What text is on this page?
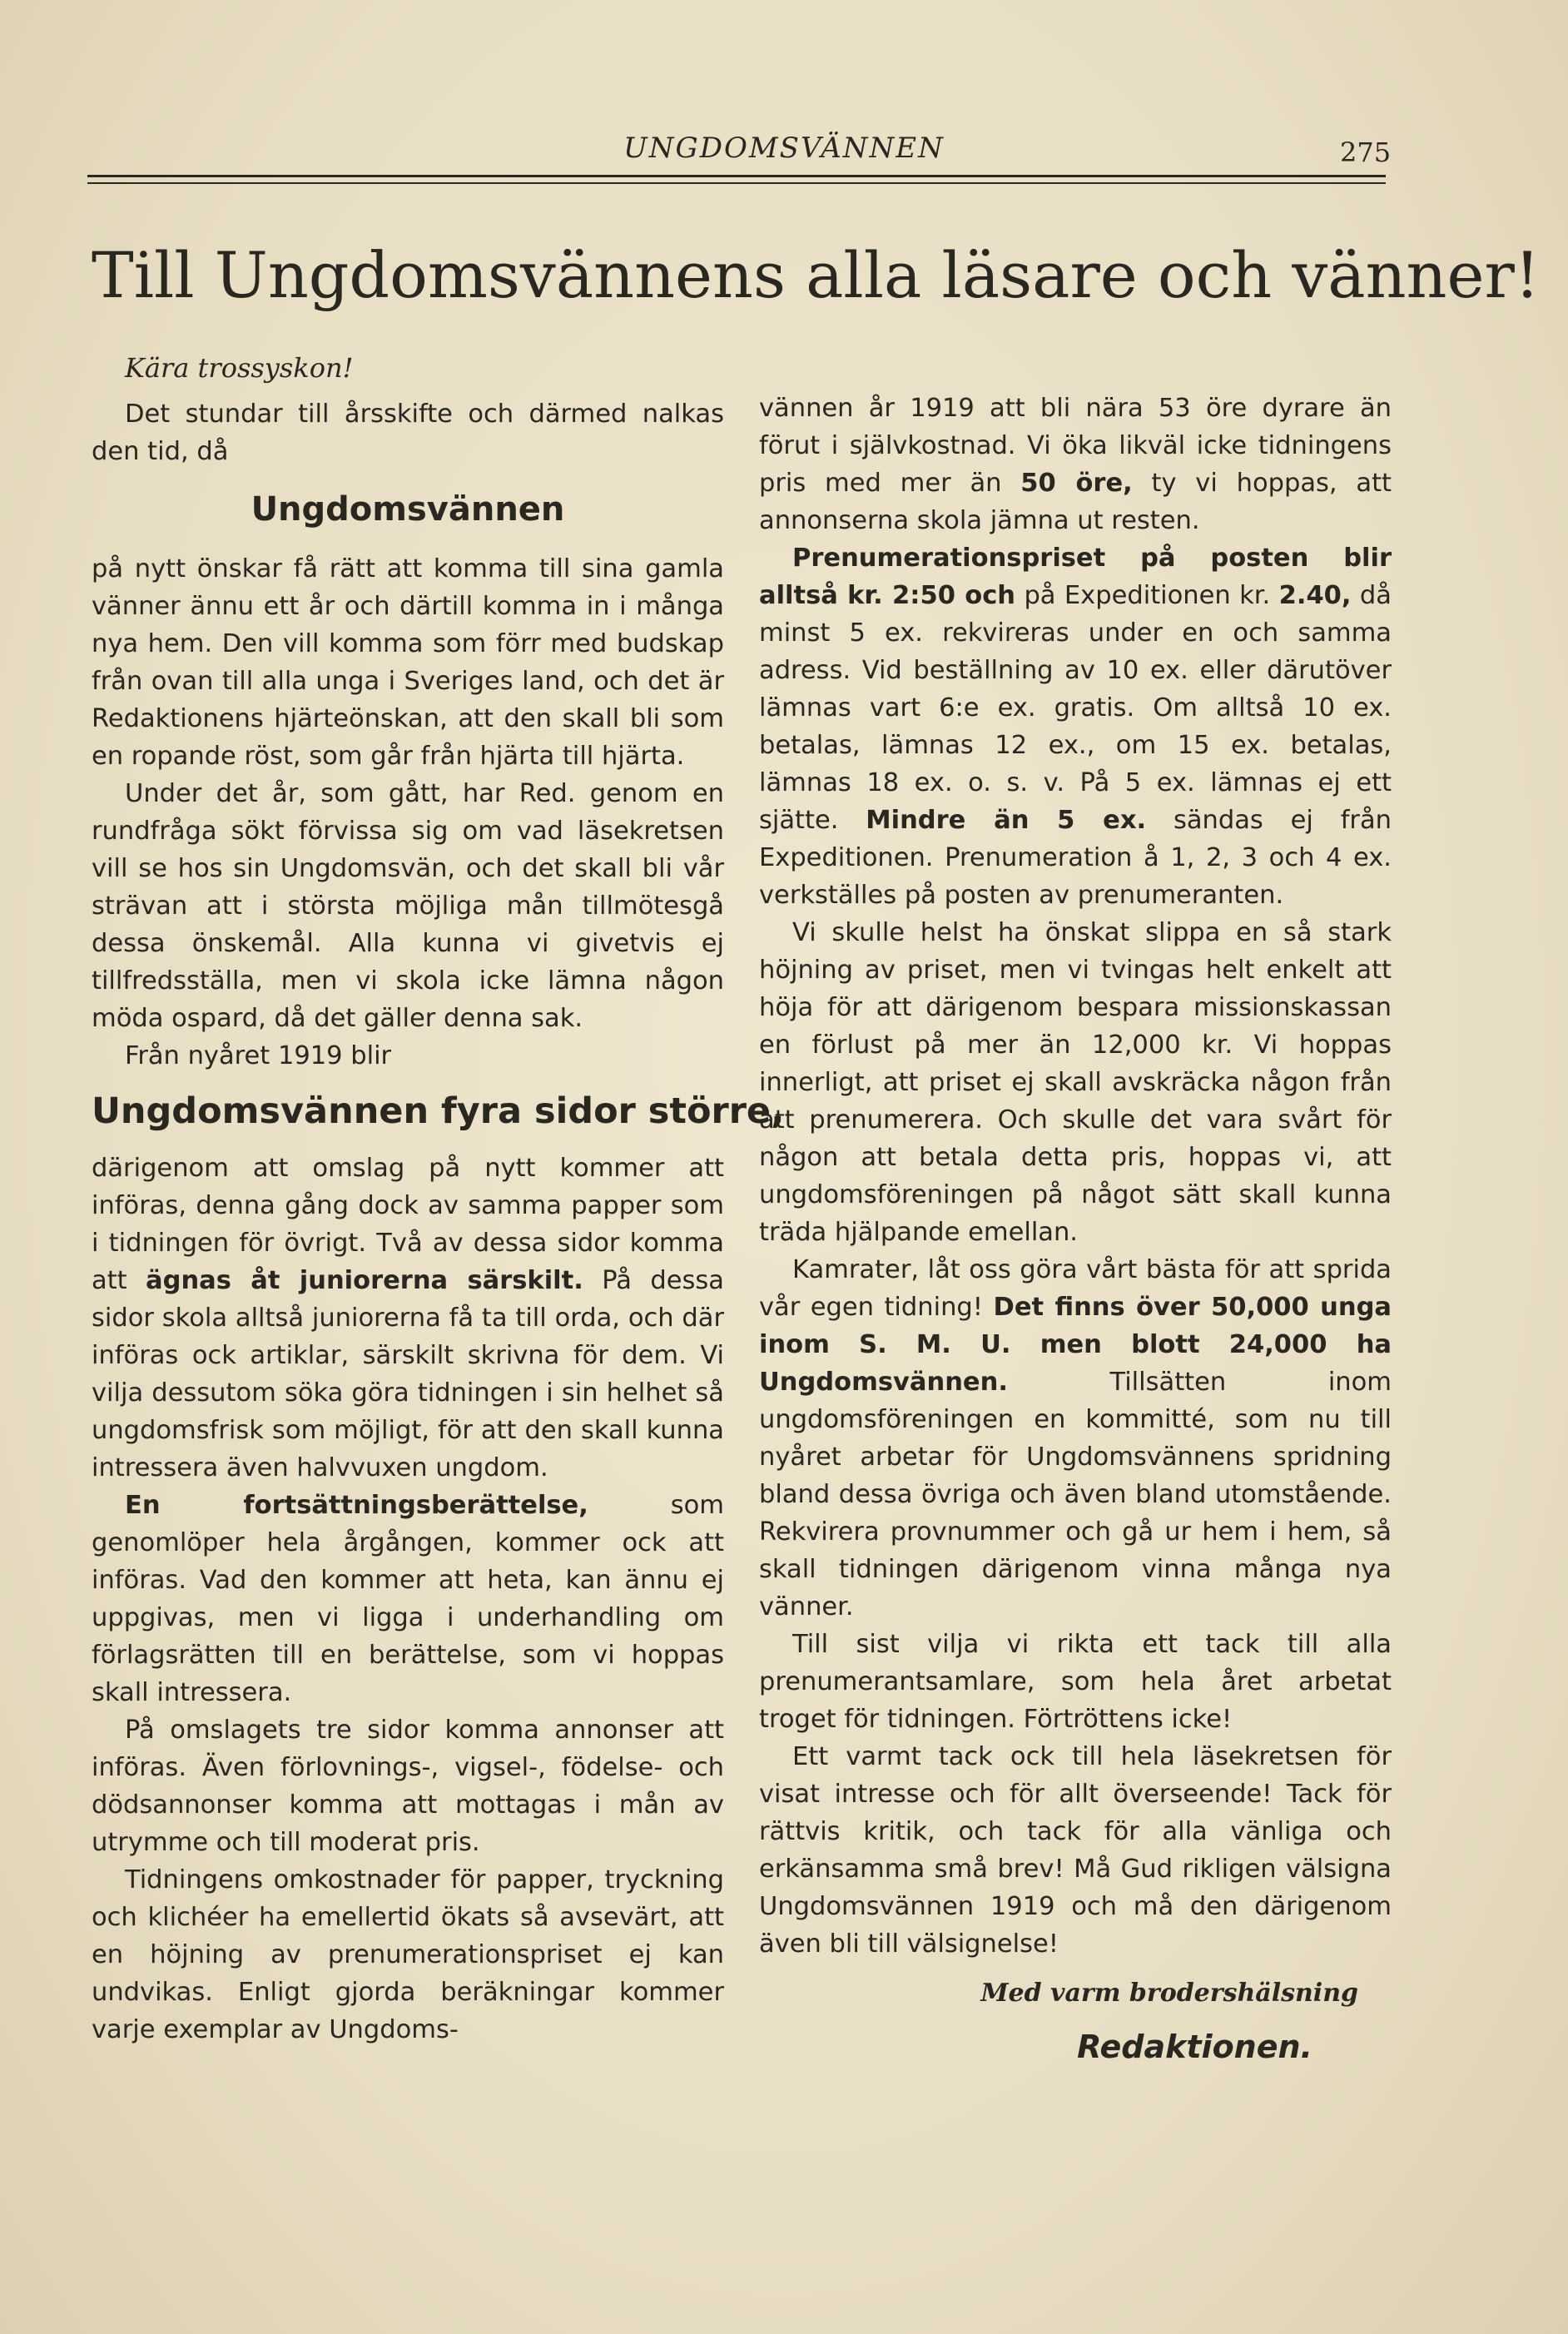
UNGDOMSVÄNNEN	275
Till Ungdomsvännens alla läsare och vänner!
Kära trossyskon!

Det stundar till årsskifte och därmed nalkas den tid, då

Ungdomsvännen

på nytt önskar få rätt att komma till sina gamla vänner ännu ett år och därtill komma in i många nya hem. Den vill komma som förr med budskap från ovan till alla unga i Sveriges land, och det är Redaktionens hjärteönskan, att den skall bli som en ropande röst, som går från hjärta till hjärta.

Under det år, som gått, har Red. genom en rundfråga sökt förvissa sig om vad läsekretsen vill se hos sin Ungdomsvän, och det skall bli vår strävan att i största möjliga mån tillmötesgå dessa önskemål. Alla kunna vi givetvis ej tillfredsställa, men vi skola icke lämna någon möda ospard, då det gäller denna sak.

Från nyåret 1919 blir

Ungdomsvännen fyra sidor större,

därigenom att omslag på nytt kommer att införas, denna gång dock av samma papper som i tidningen för övrigt. Två av dessa sidor komma att ägnas åt juniorerna särskilt. På dessa sidor skola alltså juniorerna få ta till orda, och där införas ock artiklar, särskilt skrivna för dem. Vi vilja dessutom söka göra tidningen i sin helhet så ungdomsfrisk som möjligt, för att den skall kunna intressera även halvvuxen ungdom.

En fortsättningsberättelse,	som genomlöper hela årgången, kommer ock att införas. Vad den kommer att heta, kan ännu ej uppgivas, men vi ligga i underhandling om förlagsrätten till en berättelse, som vi hoppas skall intressera.

På omslagets tre sidor komma annonser att införas. Även förlovnings-, vigsel-, födelse- och dödsannonser komma att mottagas i mån av utrymme och till moderat pris.

Tidningens omkostnader för papper, tryckning och klichéer ha emellertid ökats så avsevärt, att en höjning av prenumerationspriset ej kan undvikas. Enligt gjorda beräkningar kommer varje exemplar av Ungdoms-

vännen år 1919 att bli nära 53 öre dyrare än förut i självkostnad. Vi öka likväl icke tidningens pris med mer än 50 öre, ty vi hoppas, att annonserna skola jämna ut resten.

Prenumerationspriset på posten blir alltså kr. 2:50 och på Expeditionen kr. 2.40, då minst 5 ex. rekvireras under en och samma adress. Vid beställning av 10 ex. eller därutöver lämnas vart 6:e ex. gratis. Om alltså 10 ex. betalas, lämnas 12 ex., om 15 ex. betalas, lämnas 18 ex. o. s. v. På 5 ex. lämnas ej ett sjätte. Mindre än 5 ex. sändas ej från Expeditionen. Prenumeration å 1, 2, 3 och 4 ex. verkställes på posten av prenumeranten.

Vi skulle helst ha önskat slippa en så stark höjning av priset, men vi tvingas helt enkelt att höja för att därigenom bespara missionskassan en förlust på mer än 12,000 kr. Vi hoppas innerligt, att priset ej skall avskräcka någon från att prenumerera. Och skulle det vara svårt för någon att betala detta pris, hoppas vi, att ungdomsföreningen på något sätt skall kunna träda hjälpande emellan.

Kamrater, låt oss göra vårt bästa för att sprida vår egen tidning! Det finns över 50,000 unga inom S. M. U. men blott 24,000 ha Ungdomsvännen.	Tillsätten inom ungdomsföreningen en kommitté, som nu till nyåret arbetar för Ungdomsvännens spridning bland dessa övriga och även bland utomstående. Rekvirera provnummer och gå ur hem i hem, så skall tidningen därigenom vinna många nya vänner.

Till sist vilja vi rikta ett tack till alla prenumerantsamlare, som hela året arbetat troget för tidningen. Förtröttens icke!

Ett varmt tack ock till hela läsekretsen för visat intresse och för allt överseende! Tack för rättvis kritik, och tack för alla vänliga och erkänsamma små brev! Må Gud rikligen välsigna Ungdomsvännen 1919 och må den därigenom även bli till välsignelse!

Med varm brodershälsning
Redaktionen.
